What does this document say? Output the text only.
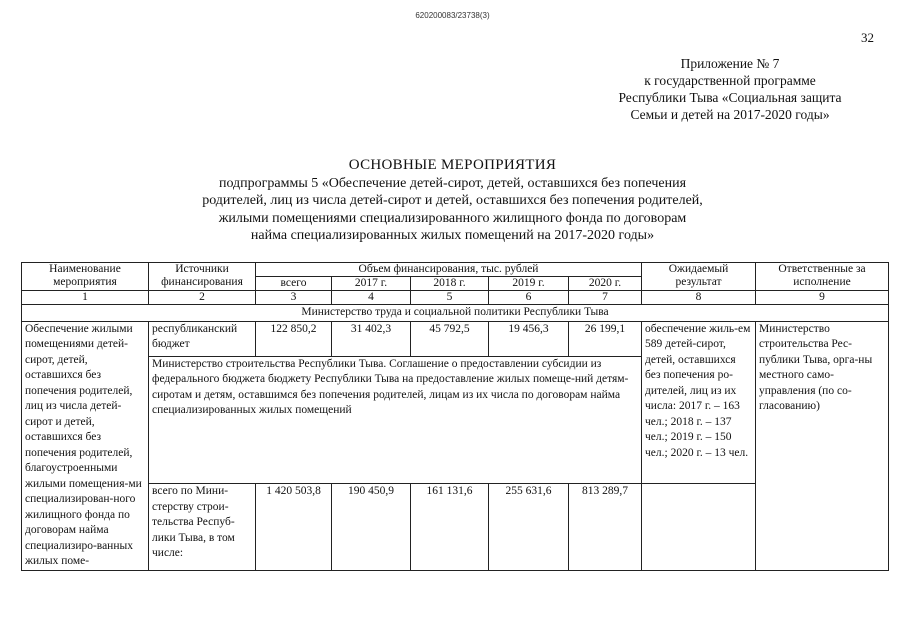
620200083/23738(3)
32
Приложение № 7
к государственной программе
Республики Тыва «Социальная защита
Семьи и детей на 2017-2020 годы»
ОСНОВНЫЕ МЕРОПРИЯТИЯ
подпрограммы 5 «Обеспечение детей-сирот, детей, оставшихся без попечения
родителей, лиц из числа детей-сирот и детей, оставшихся без попечения родителей,
жилыми помещениями специализированного жилищного фонда по договорам
найма специализированных жилых помещений на 2017-2020 годы»
Наименование мероприятия	Источники финансирования	Объем финансирования, тыс. рублей					Ожидаемый результат	Ответственные за исполнение
		всего	2017 г.	2018 г.	2019 г.	2020 г.		
1	2	3	4	5	6	7	8	9
Министерство труда и социальной политики Республики Тыва								
Обеспечение жилыми помещениями детей-сирот, детей, оставшихся без попечения родителей, лиц из числа детей-сирот и детей, оставшихся без попечения родителей, благоустроенными жилыми помещения-ми специализирован-ного жилищного фонда по договорам найма специализиро-ванных жилых поме-	республиканский бюджет	122 850,2	31 402,3	45 792,5	19 456,3	26 199,1	обеспечение жиль-ем 589 детей-сирот, детей, оставшихся без попечения ро-дителей, лиц из их числа: 2017 г. – 163 чел.; 2018 г. – 137 чел.; 2019 г. – 150 чел.; 2020 г. – 13 чел.	Министерство строительства Рес-публики Тыва, орга-ны местного само-управления (по со-гласованию)
	Министерство строительства Республики Тыва. Соглашение о предоставлении субсидии из федерального бюджета бюджету Республики Тыва на предоставление жилых помеще-ний детям-сиротам и детям, оставшимся без попечения родителей, лицам из их числа по договорам найма специализированных жилых помещений							
	всего по Мини-стерству строи-тельства Респуб-лики Тыва, в том числе:	1 420 503,8	190 450,9	161 131,6	255 631,6	813 289,7		
